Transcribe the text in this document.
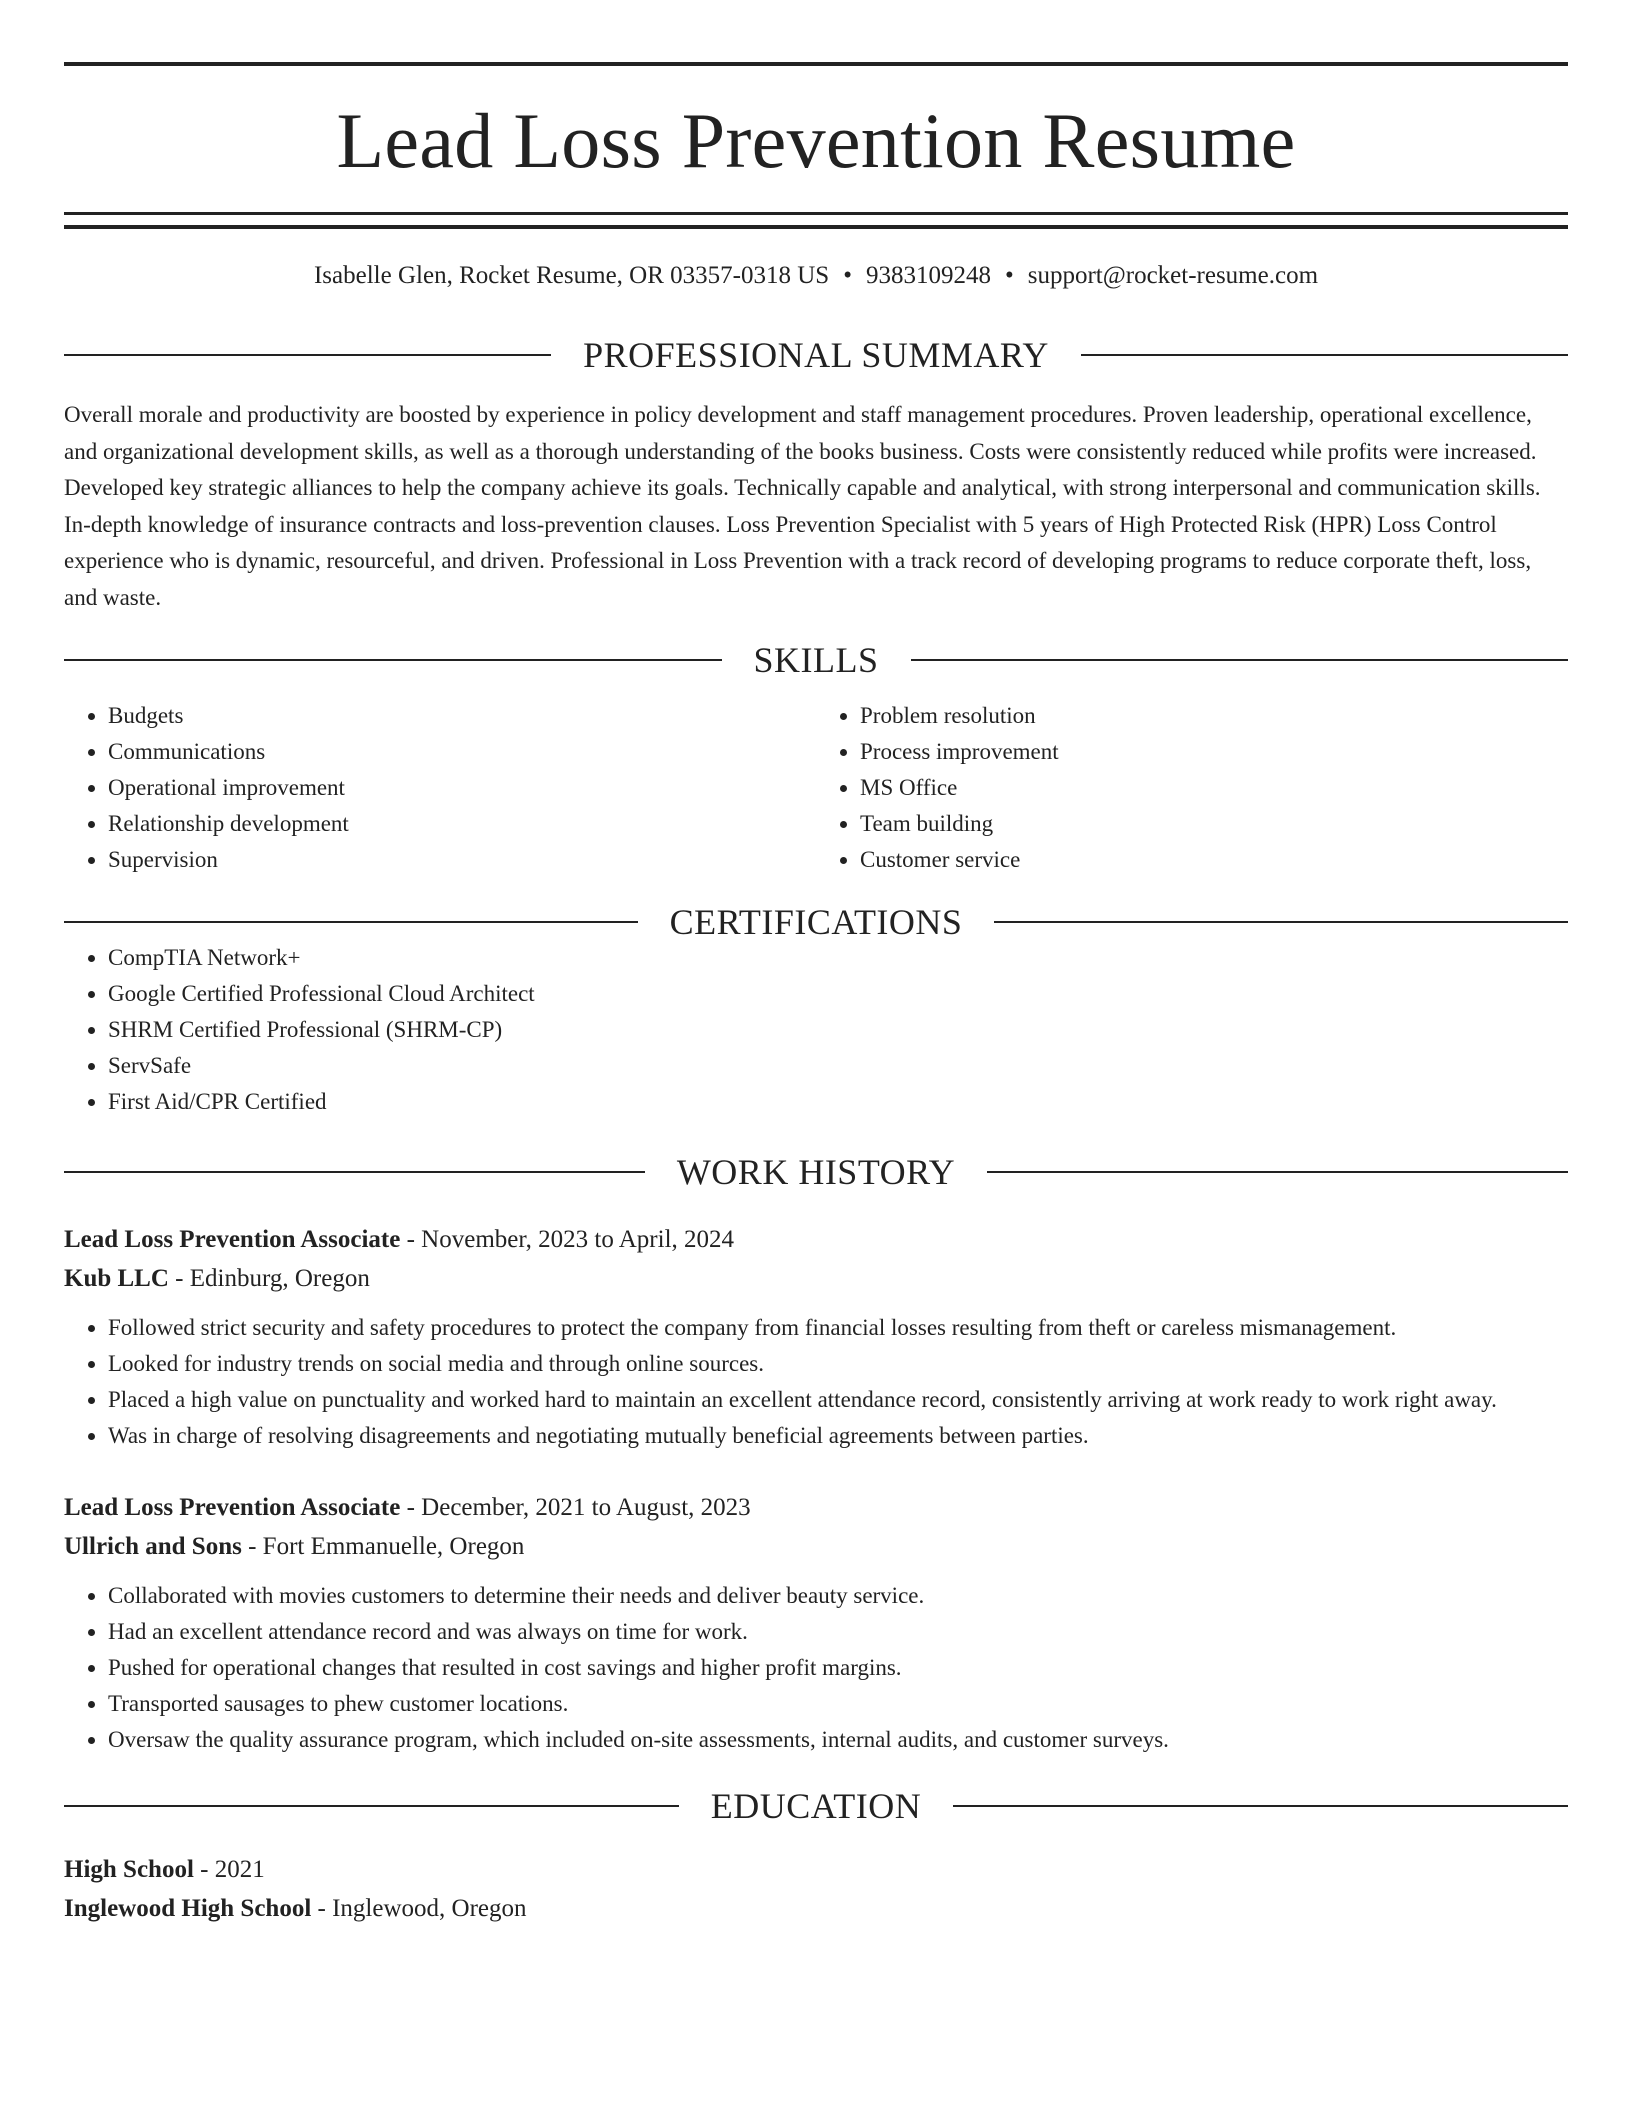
Lead Loss Prevention Resume
Isabelle Glen, Rocket Resume, OR 03357-0318 US • 9383109248 • support@rocket-resume.com
PROFESSIONAL SUMMARY

Overall morale and productivity are boosted by experience in policy development and staff management procedures. Proven leadership, operational excellence, and organizational development skills, as well as a thorough understanding of the books business. Costs were consistently reduced while profits were increased. Developed key strategic alliances to help the company achieve its goals. Technically capable and analytical, with strong interpersonal and communication skills. In-depth knowledge of insurance contracts and loss-prevention clauses. Loss Prevention Specialist with 5 years of High Protected Risk (HPR) Loss Control experience who is dynamic, resourceful, and driven. Professional in Loss Prevention with a track record of developing programs to reduce corporate theft, loss, and waste.

SKILLS
• Budgets
• Communications
• Operational improvement
• Relationship development
• Supervision
• Problem resolution
• Process improvement
• MS Office
• Team building
• Customer service
CERTIFICATIONS
• CompTIA Network+
• Google Certified Professional Cloud Architect
• SHRM Certified Professional (SHRM-CP)
• ServSafe
• First Aid/CPR Certified
WORK HISTORY
Lead Loss Prevention Associate - November, 2023 to April, 2024
Kub LLC - Edinburg, Oregon
• Followed strict security and safety procedures to protect the company from financial losses resulting from theft or careless mismanagement.
• Looked for industry trends on social media and through online sources.
• Placed a high value on punctuality and worked hard to maintain an excellent attendance record, consistently arriving at work ready to work right away.
• Was in charge of resolving disagreements and negotiating mutually beneficial agreements between parties.
Lead Loss Prevention Associate - December, 2021 to August, 2023
Ullrich and Sons - Fort Emmanuelle, Oregon
• Collaborated with movies customers to determine their needs and deliver beauty service.
• Had an excellent attendance record and was always on time for work.
• Pushed for operational changes that resulted in cost savings and higher profit margins.
• Transported sausages to phew customer locations.
• Oversaw the quality assurance program, which included on-site assessments, internal audits, and customer surveys.
EDUCATION
High School - 2021
Inglewood High School - Inglewood, Oregon
